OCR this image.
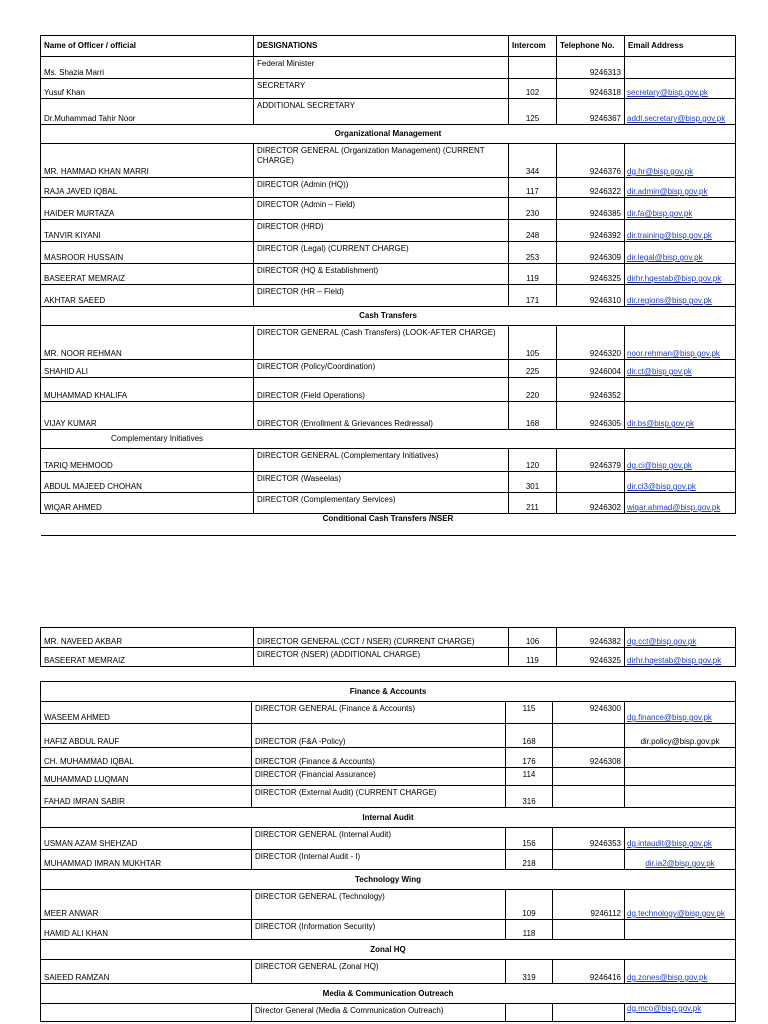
Name of Officer / official	DESIGNATIONS	Intercom	Telephone No.	Email Address
Ms. Shazia Marri	Federal Minister		9246313	
Yusuf Khan	SECRETARY	102	9246318	secretary@bisp.gov.pk
Dr.Muhammad Tahir Noor	ADDITIONAL SECRETARY	125	9246367	addl.secretary@bisp.gov.pk
Organizational Management				
MR. HAMMAD KHAN MARRI	DIRECTOR GENERAL (Organization Management) (CURRENT CHARGE)	344	9246376	dg.hr@bisp.gov.pk
RAJA JAVED IQBAL	DIRECTOR (Admin (HQ))	117	9246322	dir.admin@bisp.gov.pk
HAIDER MURTAZA	DIRECTOR (Admin – Field)	230	9246385	dir.fa@bisp.gov.pk
TANVIR KIYANI	DIRECTOR (HRD)	248	9246392	dir.training@bisp.gov.pk
MASROOR HUSSAIN	DIRECTOR (Legal) (CURRENT CHARGE)	253	9246309	dir.legal@bisp.gov.pk
BASEERAT MEMRAIZ	DIRECTOR (HQ & Establishment)	119	9246325	dirhr.hqestab@bisp.gov.pk
AKHTAR SAEED	DIRECTOR (HR – Field)	171	9246310	dir.regions@bisp.gov.pk
Cash Transfers				
MR. NOOR REHMAN	DIRECTOR GENERAL (Cash Transfers) (LOOK-AFTER CHARGE)	105	9246320	noor.rehman@bisp.gov.pk
SHAHID ALI	DIRECTOR (Policy/Coordination)	225	9246004	dir.ct@bisp.gov.pk
MUHAMMAD KHALIFA	DIRECTOR (Field Operations)	220	9246352	
VIJAY KUMAR	DIRECTOR (Enrollment & Grievances Redressal)	168	9246305	dir.bs@bisp.gov.pk
Complementary Initiatives				
TARIQ MEHMOOD	DIRECTOR GENERAL (Complementary Initiatives)	120	9246379	dg.ci@bisp.gov.pk
ABDUL MAJEED CHOHAN	DIRECTOR (Waseelas)	301		dir.ci3@bisp.gov.pk
WIQAR AHMED	DIRECTOR (Complementary Services)	211	9246302	wiqar.ahmad@bisp.gov.pk
Conditional Cash Transfers /NSER				
MR. NAVEED AKBAR	DIRECTOR GENERAL (CCT / NSER) (CURRENT CHARGE)	106	9246382	dg.cct@bisp.gov.pk
BASEERAT MEMRAIZ	DIRECTOR (NSER) (ADDITIONAL CHARGE)	119	9246325	dirhr.hqestab@bisp.gov.pk
Finance & Accounts				
WASEEM AHMED	DIRECTOR GENERAL (Finance & Accounts)	115	9246300	dg.finance@bisp.gov.pk
HAFIZ ABDUL RAUF	DIRECTOR (F&A -Policy)	168		dir.policy@bisp.gov.pk
CH. MUHAMMAD IQBAL	DIRECTOR (Finance & Accounts)	176	9246308	
MUHAMMAD LUQMAN	DIRECTOR (Financial Assurance)	114		
FAHAD IMRAN SABIR	DIRECTOR (External Audit) (CURRENT CHARGE)	316		
Internal Audit				
USMAN AZAM SHEHZAD	DIRECTOR GENERAL (Internal Audit)	156	9246353	dg.intaudit@bisp.gov.pk
MUHAMMAD IMRAN MUKHTAR	DIRECTOR (Internal Audit - I)	218		dir.ia2@bisp.gov.pk
Technology Wing				
MEER ANWAR	DIRECTOR GENERAL (Technology)	109	9246112	dg.technology@bisp.gov.pk
HAMID ALI KHAN	DIRECTOR (Information Security)	118		
Zonal HQ				
SAIEED RAMZAN	DIRECTOR GENERAL (Zonal HQ)	319	9246416	dg.zones@bisp.gov.pk
Media & Communication Outreach				
	Director General (Media & Communication Outreach)			dg.mco@bisp.gov.pk
